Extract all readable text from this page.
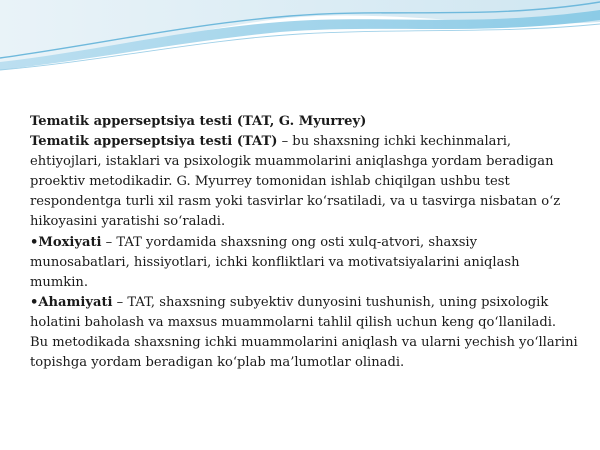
Tematik apperseptsiya testi (TAT, G. Myurrey)

Tematik apperseptsiya testi (TAT) – bu shaxsning ichki kechinmalari, ehtiyojlari, istaklari va psixologik muammolarini aniqlashga yordam beradigan proektiv metodikadir. G. Myurrey tomonidan ishlab chiqilgan ushbu test respondentga turli xil rasm yoki tasvirlar ko‘rsatiladi, va u tasvirga nisbatan o‘z hikoyasini yaratishi so‘raladi.

•Moxiyati – TAT yordamida shaxsning ong osti xulq-atvori, shaxsiy munosabatlari, hissiyotlari, ichki konfliktlari va motivatsiyalarini aniqlash mumkin.

•Ahamiyati – TAT, shaxsning subyektiv dunyosini tushunish, uning psixologik holatini baholash va maxsus muammolarni tahlil qilish uchun keng qo‘llaniladi. Bu metodikada shaxsning ichki muammolarini aniqlash va ularni yechish yo‘llarini topishga yordam beradigan ko‘plab ma’lumotlar olinadi.
